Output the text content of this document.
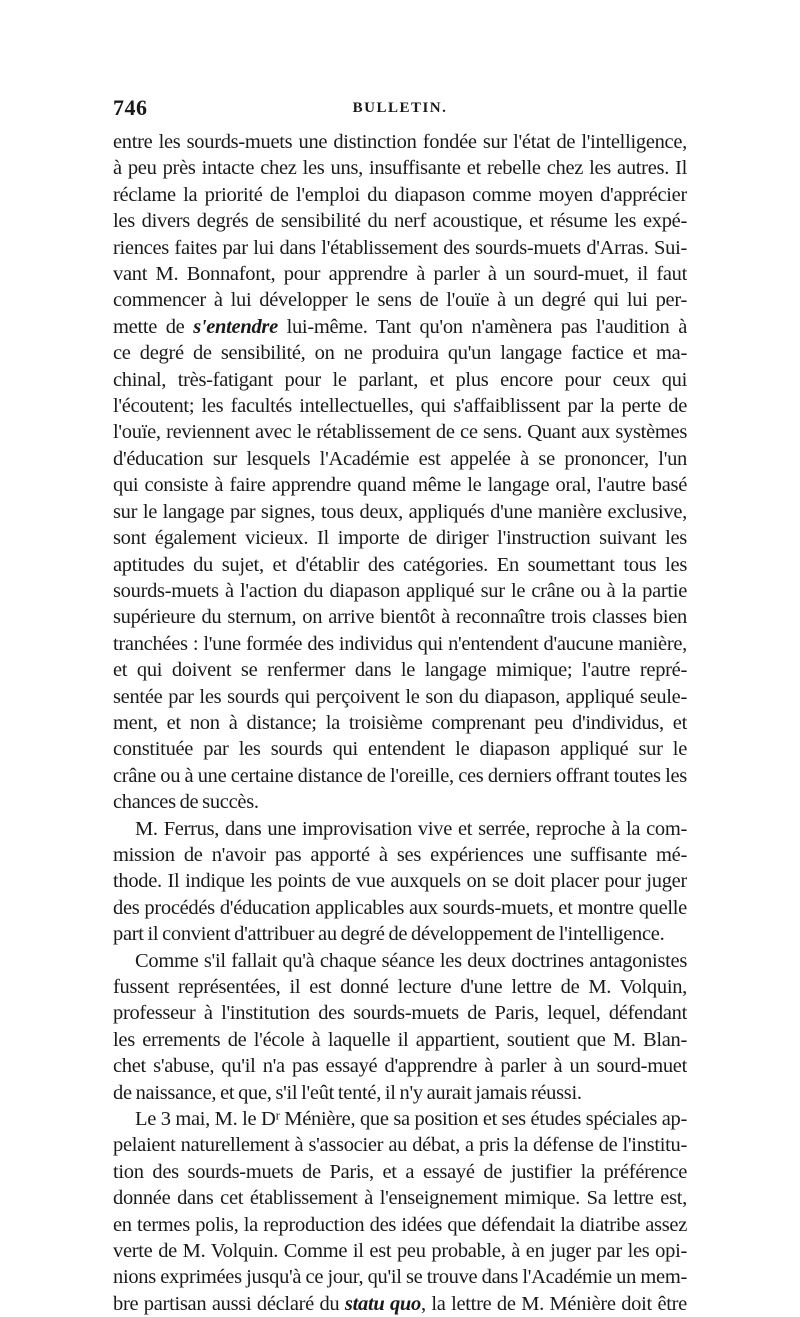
746	BULLETIN.
entre les sourds-muets une distinction fondée sur l'état de l'intelligence,
à peu près intacte chez les uns, insuffisante et rebelle chez les autres. Il
réclame la priorité de l'emploi du diapason comme moyen d'apprécier
les divers degrés de sensibilité du nerf acoustique, et résume les expé-
riences faites par lui dans l'établissement des sourds-muets d'Arras. Sui-
vant M. Bonnafont, pour apprendre à parler à un sourd-muet, il faut
commencer à lui développer le sens de l'ouïe à un degré qui lui per-
mette de s'entendre lui-même. Tant qu'on n'amènera pas l'audition à
ce degré de sensibilité, on ne produira qu'un langage factice et ma-
chinal, très-fatigant pour le parlant, et plus encore pour ceux qui
l'écoutent; les facultés intellectuelles, qui s'affaiblissent par la perte de
l'ouïe, reviennent avec le rétablissement de ce sens. Quant aux systèmes
d'éducation sur lesquels l'Académie est appelée à se prononcer, l'un
qui consiste à faire apprendre quand même le langage oral, l'autre basé
sur le langage par signes, tous deux, appliqués d'une manière exclusive,
sont également vicieux. Il importe de diriger l'instruction suivant les
aptitudes du sujet, et d'établir des catégories. En soumettant tous les
sourds-muets à l'action du diapason appliqué sur le crâne ou à la partie
supérieure du sternum, on arrive bientôt à reconnaître trois classes bien
tranchées : l'une formée des individus qui n'entendent d'aucune manière,
et qui doivent se renfermer dans le langage mimique; l'autre repré-
sentée par les sourds qui perçoivent le son du diapason, appliqué seule-
ment, et non à distance; la troisième comprenant peu d'individus, et
constituée par les sourds qui entendent le diapason appliqué sur le
crâne ou à une certaine distance de l'oreille, ces derniers offrant toutes les
chances de succès.
M. Ferrus, dans une improvisation vive et serrée, reproche à la com-
mission de n'avoir pas apporté à ses expériences une suffisante mé-
thode. Il indique les points de vue auxquels on se doit placer pour juger
des procédés d'éducation applicables aux sourds-muets, et montre quelle
part il convient d'attribuer au degré de développement de l'intelligence.
Comme s'il fallait qu'à chaque séance les deux doctrines antagonistes
fussent représentées, il est donné lecture d'une lettre de M. Volquin,
professeur à l'institution des sourds-muets de Paris, lequel, défendant
les errements de l'école à laquelle il appartient, soutient que M. Blan-
chet s'abuse, qu'il n'a pas essayé d'apprendre à parler à un sourd-muet
de naissance, et que, s'il l'eût tenté, il n'y aurait jamais réussi.
Le 3 mai, M. le Dʳ Ménière, que sa position et ses études spéciales ap-
pelaient naturellement à s'associer au débat, a pris la défense de l'institu-
tion des sourds-muets de Paris, et a essayé de justifier la préférence
donnée dans cet établissement à l'enseignement mimique. Sa lettre est,
en termes polis, la reproduction des idées que défendait la diatribe assez
verte de M. Volquin. Comme il est peu probable, à en juger par les opi-
nions exprimées jusqu'à ce jour, qu'il se trouve dans l'Académie un mem-
bre partisan aussi déclaré du statu quo, la lettre de M. Ménière doit être
